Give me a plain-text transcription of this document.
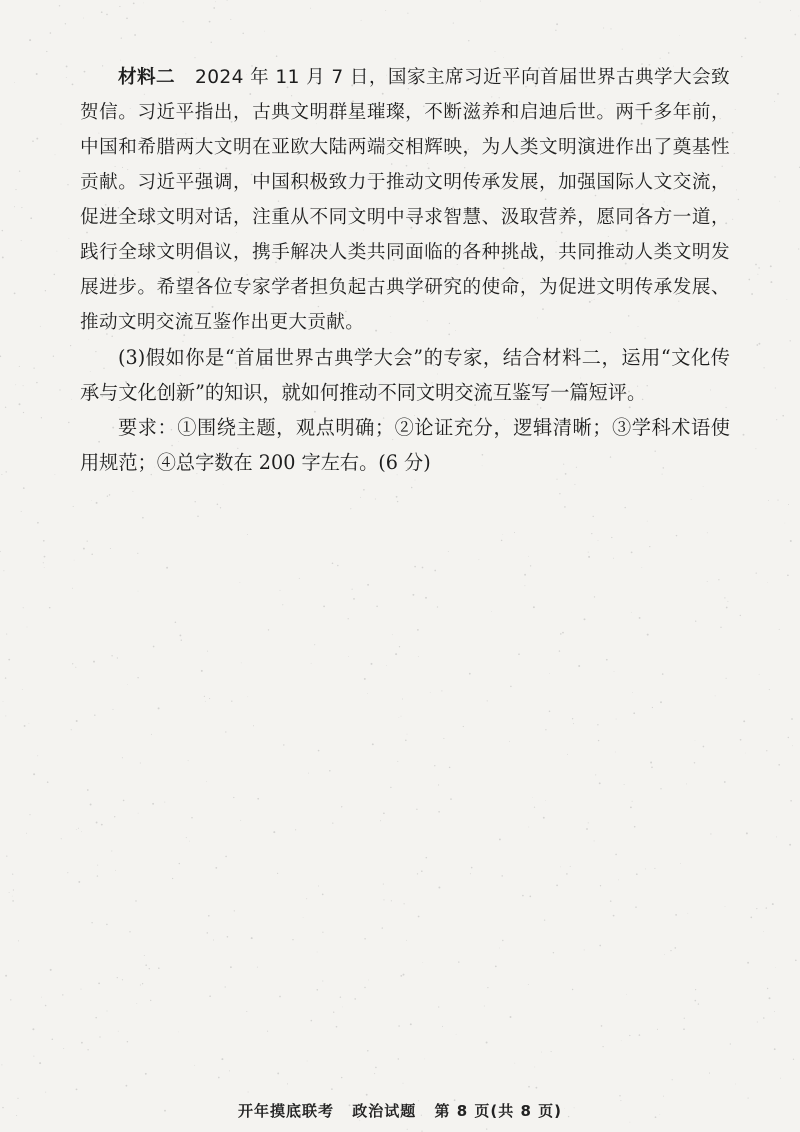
材料二 2024 年 11 月 7 日，国家主席习近平向首届世界古典学大会致贺信。习近平指出，古典文明群星璀璨，不断滋养和启迪后世。两千多年前，中国和希腊两大文明在亚欧大陆两端交相辉映，为人类文明演进作出了奠基性贡献。习近平强调，中国积极致力于推动文明传承发展，加强国际人文交流，促进全球文明对话，注重从不同文明中寻求智慧、汲取营养，愿同各方一道，践行全球文明倡议，携手解决人类共同面临的各种挑战，共同推动人类文明发展进步。希望各位专家学者担负起古典学研究的使命，为促进文明传承发展、推动文明交流互鉴作出更大贡献。

(3)假如你是“首届世界古典学大会”的专家，结合材料二，运用“文化传承与文化创新”的知识，就如何推动不同文明交流互鉴写一篇短评。

要求：①围绕主题，观点明确；②论证充分，逻辑清晰；③学科术语使用规范；④总字数在 200 字左右。(6 分)

开年摸底联考 政治试题 第 8 页(共 8 页)
